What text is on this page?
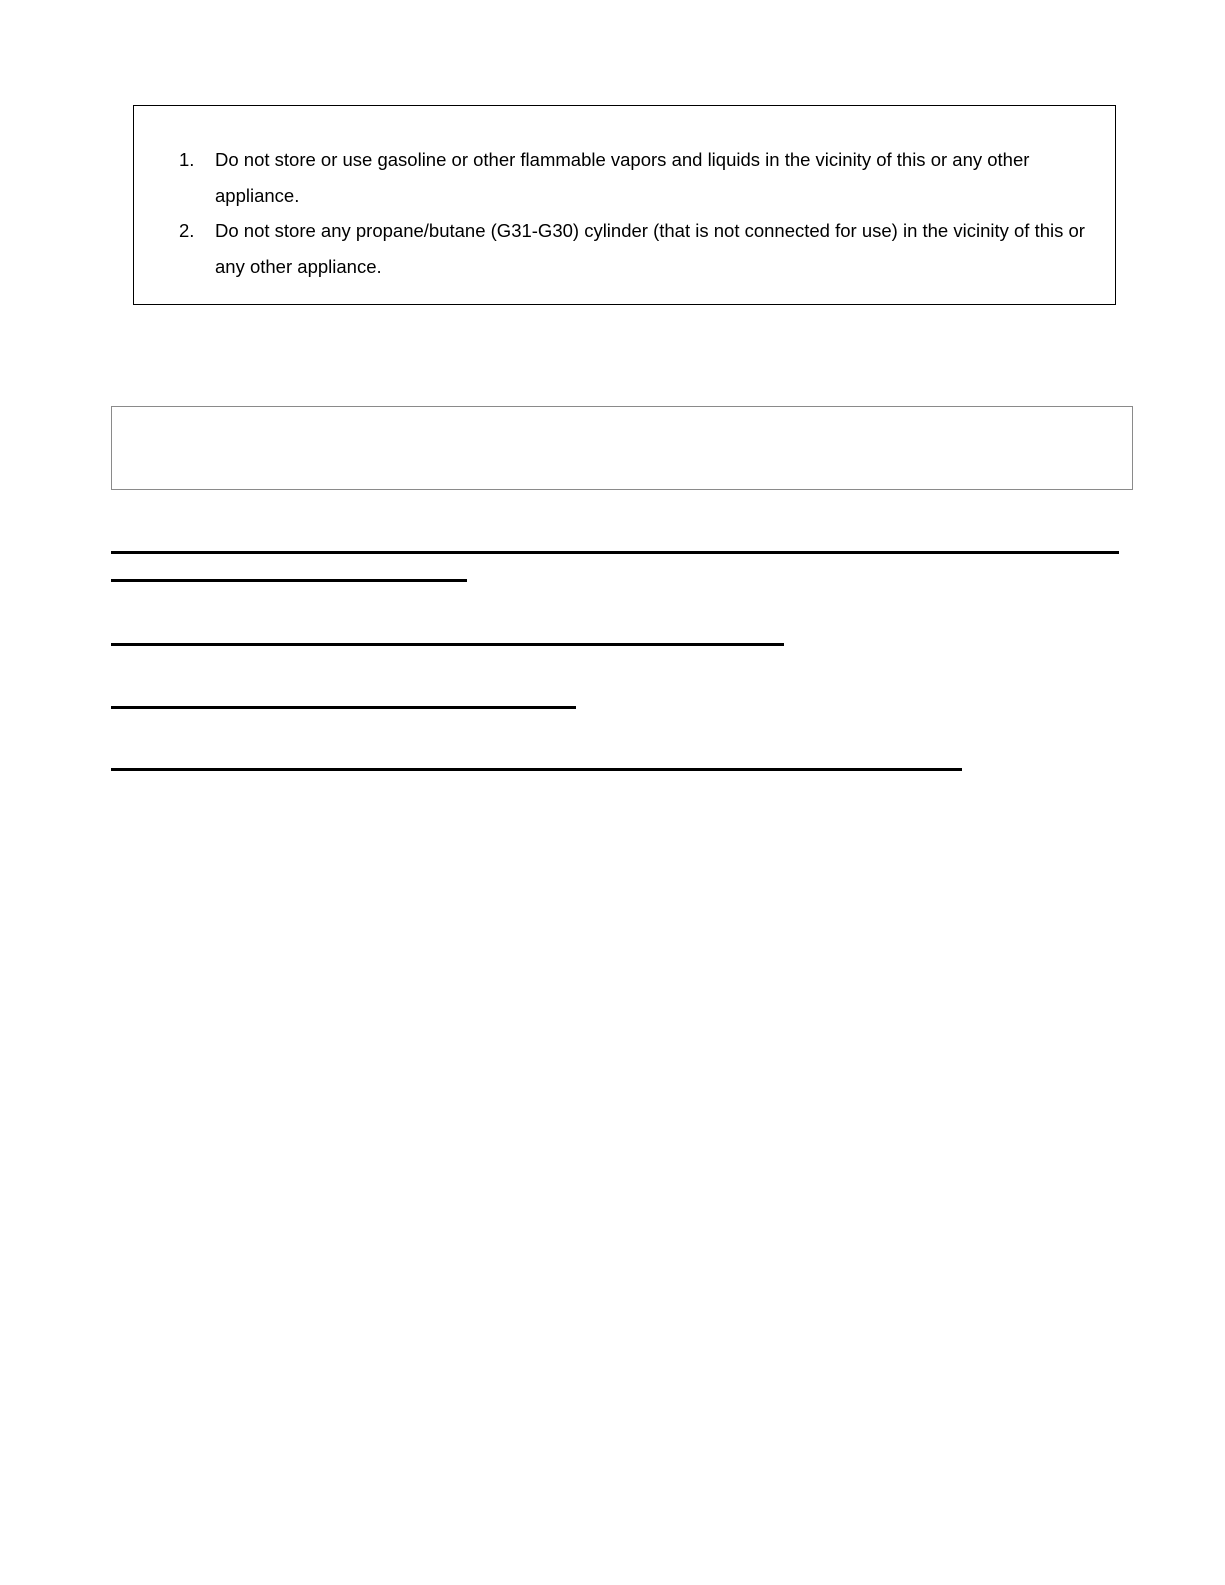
1. Do not store or use gasoline or other flammable vapors and liquids in the vicinity of this or any other appliance.
2. Do not store any propane/butane (G31-G30) cylinder (that is not connected for use) in the vicinity of this or any other appliance.
